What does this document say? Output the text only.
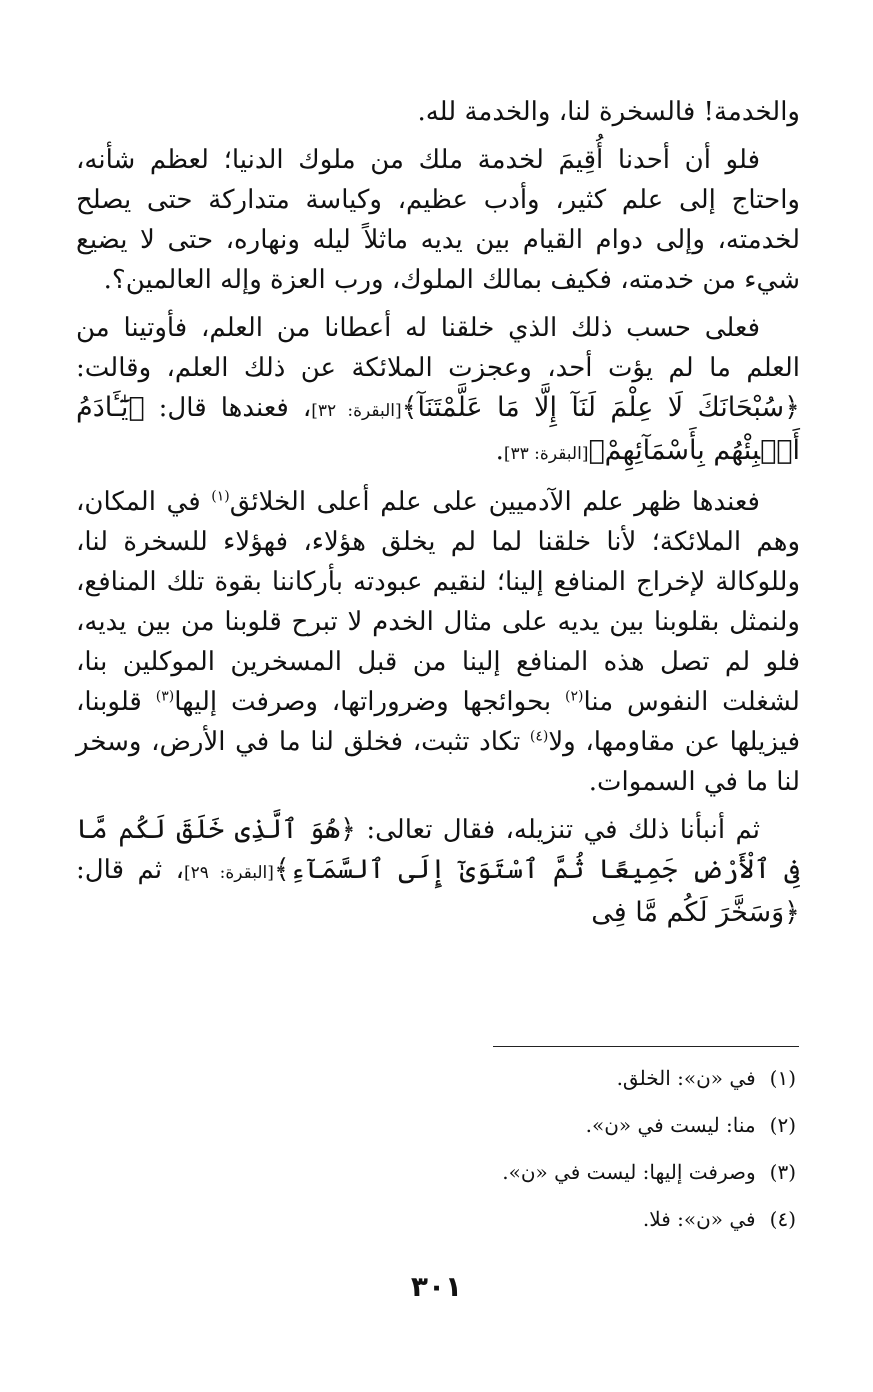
والخدمة! فالسخرة لنا، والخدمة لله.

فلو أن أحدنا أُقِيمَ لخدمة ملك من ملوك الدنيا؛ لعظم شأنه، واحتاج إلى علم كثير، وأدب عظيم، وكياسة متداركة حتى يصلح لخدمته، وإلى دوام القيام بين يديه ماثلاً ليله ونهاره، حتى لا يضيع شيء من خدمته، فكيف بمالك الملوك، ورب العزة وإله العالمين؟.

فعلى حسب ذلك الذي خلقنا له أعطانا من العلم، فأوتينا من العلم ما لم يؤت أحد، وعجزت الملائكة عن ذلك العلم، وقالت: ﴿سُبْحَانَكَ لَا عِلْمَ لَنَآ إِلَّا مَا عَلَّمْتَنَآ﴾[البقرة: ٣٢]، فعندها قال: ﴿يَٰٓـَٔادَمُ أَنۢبِئْهُم بِأَسْمَآئِهِمْ﴾[البقرة: ٣٣].

فعندها ظهر علم الآدميين على علم أعلى الخلائق$^{(١)}$ في المكان، وهم الملائكة؛ لأنا خلقنا لما لم يخلق هؤلاء، فهؤلاء للسخرة لنا، وللوكالة لإخراج المنافع إلينا؛ لنقيم عبودته بأركاننا بقوة تلك المنافع، ولنمثل بقلوبنا بين يديه على مثال الخدم لا تبرح قلوبنا من بين يديه، فلو لم تصل هذه المنافع إلينا من قبل المسخرين الموكلين بنا، لشغلت النفوس منا$^{(٢)}$ بحوائجها وضروراتها، وصرفت إليها$^{(٣)}$ قلوبنا، فيزيلها عن مقاومها، ولا$^{(٤)}$ تكاد تثبت، فخلق لنا ما في الأرض، وسخر لنا ما في السموات.

ثم أنبأنا ذلك في تنزيله، فقال تعالى: ﴿هُوَ ٱلَّذِى خَلَقَ لَكُم مَّا فِى ٱلْأَرْضِ جَمِيعًا ثُمَّ ٱسْتَوَىٰٓ إِلَى ٱلسَّمَآءِ﴾[البقرة: ٢٩]، ثم قال: ﴿وَسَخَّرَ لَكُم مَّا فِى

(١)في «ن»: الخلق.
(٢)منا: ليست في «ن».
(٣)وصرفت إليها: ليست في «ن».
(٤)في «ن»: فلا.
٣٠١
